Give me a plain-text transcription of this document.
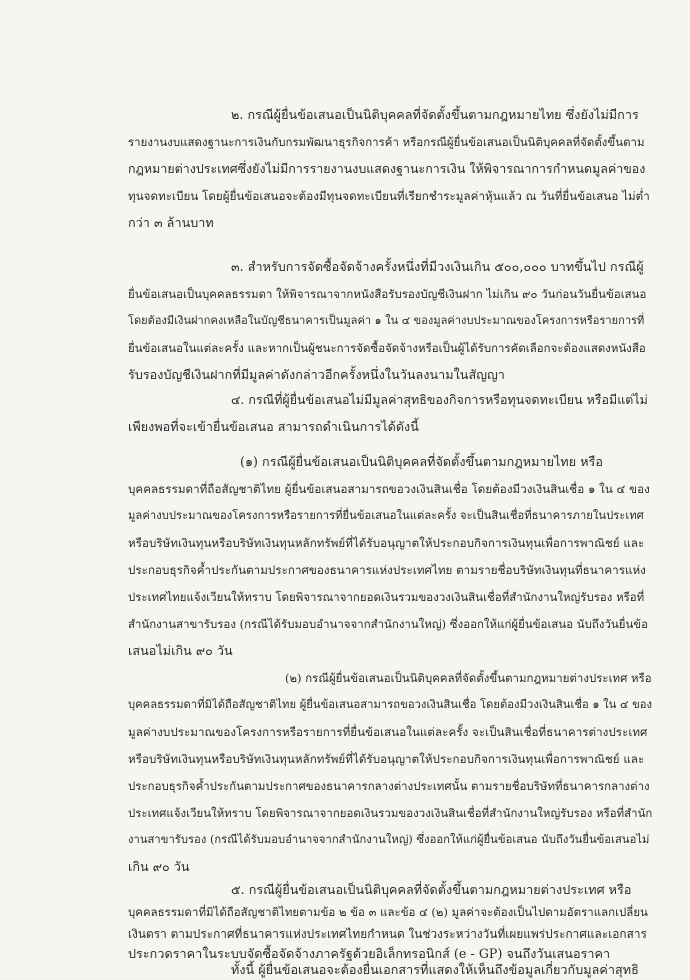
๒. กรณีผู้ยื่นข้อเสนอเป็นนิติบุคคลที่จัดตั้งขึ้นตามกฎหมายไทย ซึ่งยังไม่มีการ
รายงานงบแสดงฐานะการเงินกับกรมพัฒนาธุรกิจการค้า หรือกรณีผู้ยื่นข้อเสนอเป็นนิติบุคคลที่จัดตั้งขึ้นตาม
กฎหมายต่างประเทศซึ่งยังไม่มีการรายงานงบแสดงฐานะการเงิน ให้พิจารณาการกำหนดมูลค่าของ
ทุนจดทะเบียน โดยผู้ยื่นข้อเสนอจะต้องมีทุนจดทะเบียนที่เรียกชำระมูลค่าหุ้นแล้ว ณ วันที่ยื่นข้อเสนอ ไม่ต่ำ
กว่า ๓ ล้านบาท
๓. สำหรับการจัดซื้อจัดจ้างครั้งหนึ่งที่มีวงเงินเกิน ๕๐๐,๐๐๐ บาทขึ้นไป กรณีผู้
ยื่นข้อเสนอเป็นบุคคลธรรมดา ให้พิจารณาจากหนังสือรับรองบัญชีเงินฝาก ไม่เกิน ๙๐ วันก่อนวันยื่นข้อเสนอ
โดยต้องมีเงินฝากคงเหลือในบัญชีธนาคารเป็นมูลค่า ๑ ใน ๔ ของมูลค่างบประมาณของโครงการหรือรายการที่
ยื่นข้อเสนอในแต่ละครั้ง และหากเป็นผู้ชนะการจัดซื้อจัดจ้างหรือเป็นผู้ได้รับการคัดเลือกจะต้องแสดงหนังสือ
รับรองบัญชีเงินฝากที่มีมูลค่าดังกล่าวอีกครั้งหนึ่งในวันลงนามในสัญญา
๔. กรณีที่ผู้ยื่นข้อเสนอไม่มีมูลค่าสุทธิของกิจการหรือทุนจดทะเบียน หรือมีแต่ไม่
เพียงพอที่จะเข้ายื่นข้อเสนอ สามารถดำเนินการได้ดังนี้
(๑) กรณีผู้ยื่นข้อเสนอเป็นนิติบุคคลที่จัดตั้งขึ้นตามกฎหมายไทย หรือ
บุคคลธรรมดาที่ถือสัญชาติไทย ผู้ยื่นข้อเสนอสามารถขอวงเงินสินเชื่อ โดยต้องมีวงเงินสินเชื่อ ๑ ใน ๔ ของ
มูลค่างบประมาณของโครงการหรือรายการที่ยื่นข้อเสนอในแต่ละครั้ง จะเป็นสินเชื่อที่ธนาคารภายในประเทศ
หรือบริษัทเงินทุนหรือบริษัทเงินทุนหลักทรัพย์ที่ได้รับอนุญาตให้ประกอบกิจการเงินทุนเพื่อการพาณิชย์ และ
ประกอบธุรกิจค้ำประกันตามประกาศของธนาคารแห่งประเทศไทย ตามรายชื่อบริษัทเงินทุนที่ธนาคารแห่ง
ประเทศไทยแจ้งเวียนให้ทราบ โดยพิจารณาจากยอดเงินรวมของวงเงินสินเชื่อที่สำนักงานใหญ่รับรอง หรือที่
สำนักงานสาขารับรอง (กรณีได้รับมอบอำนาจจากสำนักงานใหญ่) ซึ่งออกให้แก่ผู้ยื่นข้อเสนอ นับถึงวันยื่นข้อ
เสนอไม่เกิน ๙๐ วัน
(๒) กรณีผู้ยื่นข้อเสนอเป็นนิติบุคคลที่จัดตั้งขึ้นตามกฎหมายต่างประเทศ หรือ
บุคคลธรรมดาที่มิได้ถือสัญชาติไทย ผู้ยื่นข้อเสนอสามารถขอวงเงินสินเชื่อ โดยต้องมีวงเงินสินเชื่อ ๑ ใน ๔ ของ
มูลค่างบประมาณของโครงการหรือรายการที่ยื่นข้อเสนอในแต่ละครั้ง จะเป็นสินเชื่อที่ธนาคารต่างประเทศ
หรือบริษัทเงินทุนหรือบริษัทเงินทุนหลักทรัพย์ที่ได้รับอนุญาตให้ประกอบกิจการเงินทุนเพื่อการพาณิชย์ และ
ประกอบธุรกิจค้ำประกันตามประกาศของธนาคารกลางต่างประเทศนั้น ตามรายชื่อบริษัทที่ธนาคารกลางต่าง
ประเทศแจ้งเวียนให้ทราบ โดยพิจารณาจากยอดเงินรวมของวงเงินสินเชื่อที่สำนักงานใหญ่รับรอง หรือที่สำนัก
งานสาขารับรอง (กรณีได้รับมอบอำนาจจากสำนักงานใหญ่) ซึ่งออกให้แก่ผู้ยื่นข้อเสนอ นับถึงวันยื่นข้อเสนอไม่
เกิน ๙๐ วัน
๕. กรณีผู้ยื่นข้อเสนอเป็นนิติบุคคลที่จัดตั้งขึ้นตามกฎหมายต่างประเทศ หรือ
บุคคลธรรมดาที่มิได้ถือสัญชาติไทยตามข้อ ๒ ข้อ ๓ และข้อ ๔ (๒) มูลค่าจะต้องเป็นไปตามอัตราแลกเปลี่ยน
เงินตรา ตามประกาศที่ธนาคารแห่งประเทศไทยกำหนด ในช่วงระหว่างวันที่เผยแพร่ประกาศและเอกสาร
ประกวดราคาในระบบจัดซื้อจัดจ้างภาครัฐด้วยอิเล็กทรอนิกส์ (e - GP) จนถึงวันเสนอราคา
ทั้งนี้ ผู้ยื่นข้อเสนอจะต้องยื่นเอกสารที่แสดงให้เห็นถึงข้อมูลเกี่ยวกับมูลค่าสุทธิ
